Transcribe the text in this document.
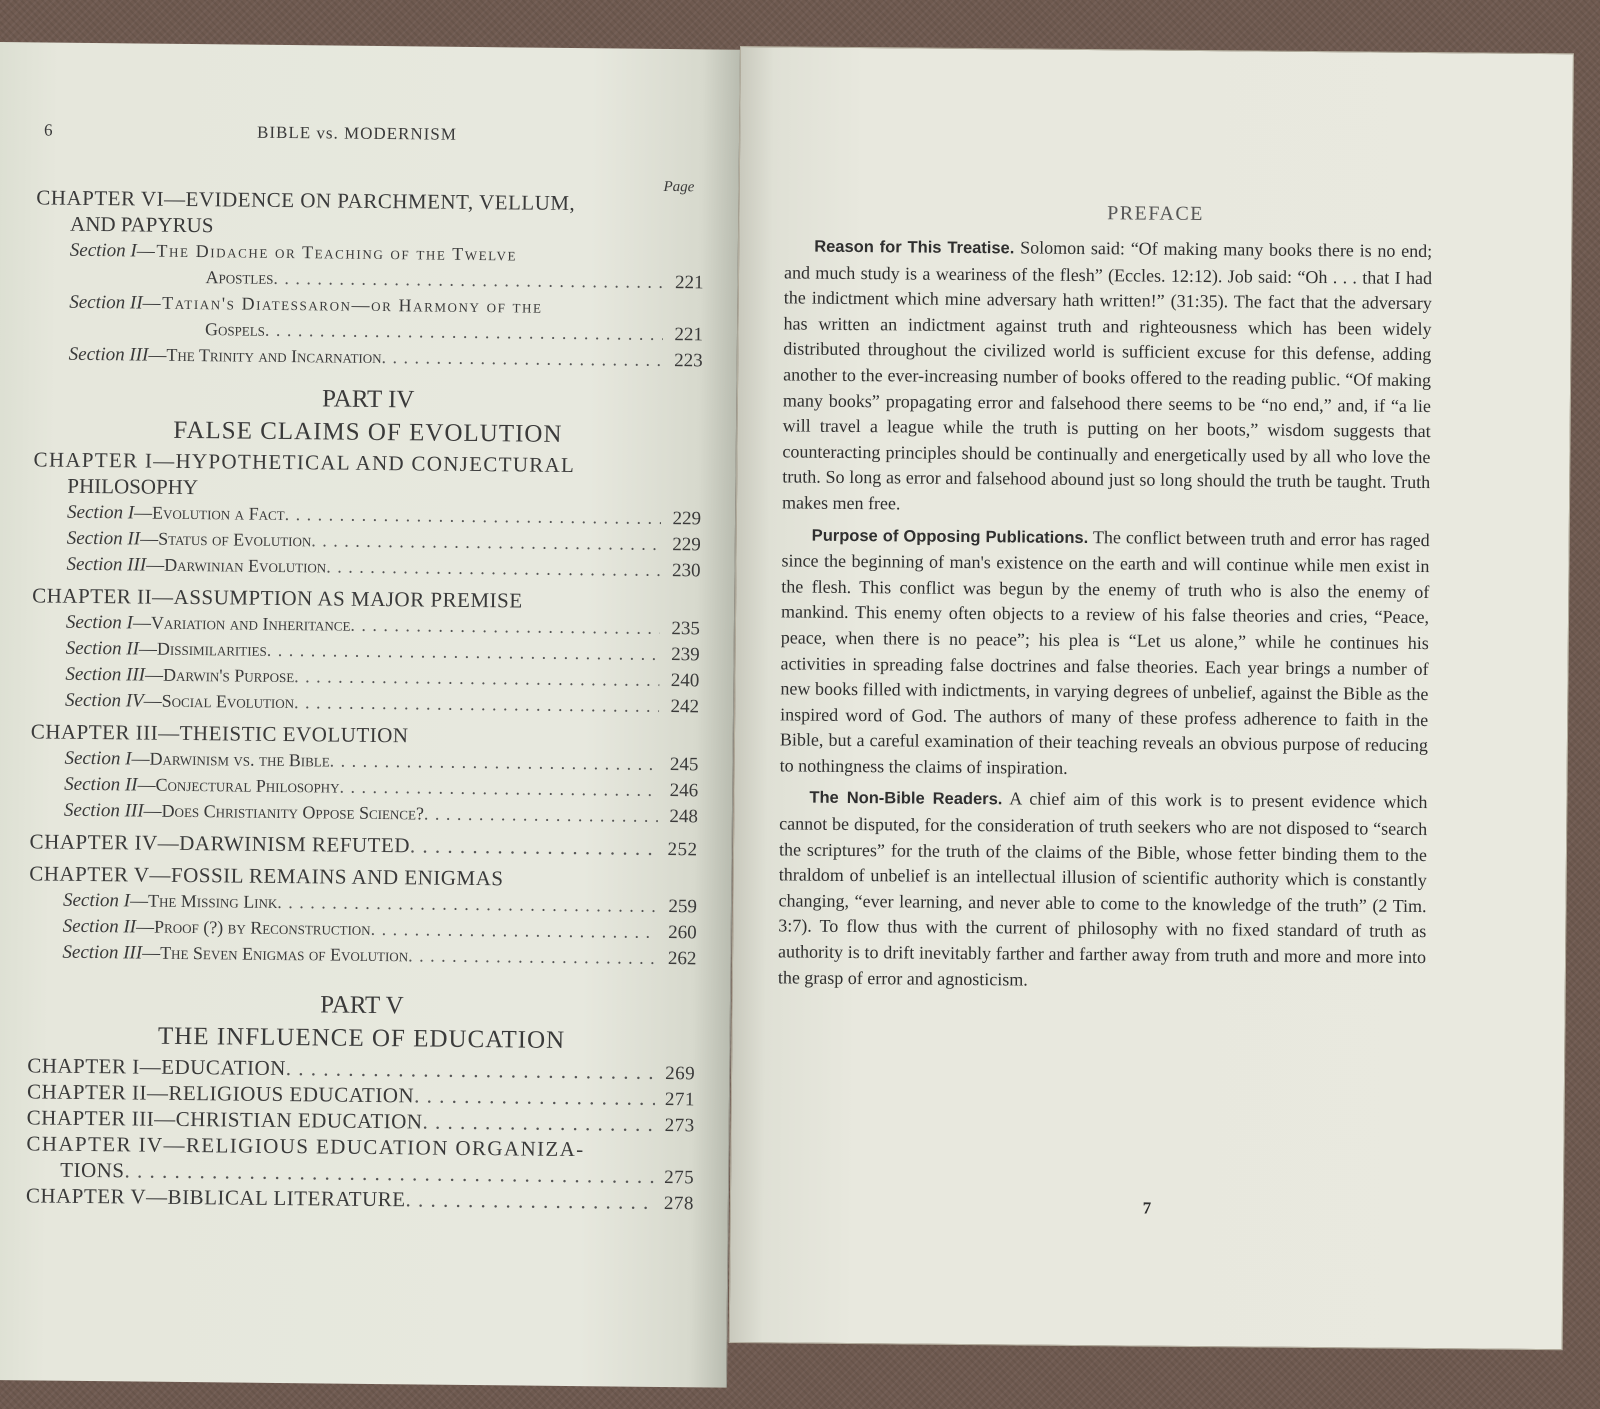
6	BIBLE vs. MODERNISM
Page
CHAPTER VI—EVIDENCE ON PARCHMENT, VELLUM,
AND PAPYRUS
Section I—The Didache or Teaching of the Twelve
Apostles . . .	221
Section II—Tatian's Diatessaron—or Harmony of the
Gospels . . .	221
Section III—The Trinity and Incarnation . . .	223
PART IV
FALSE CLAIMS OF EVOLUTION
CHAPTER I—HYPOTHETICAL AND CONJECTURAL
PHILOSOPHY
Section I—Evolution a Fact . . .	229
Section II—Status of Evolution . . .	229
Section III—Darwinian Evolution . . .	230
CHAPTER II—ASSUMPTION AS MAJOR PREMISE
Section I—Variation and Inheritance . . .	235
Section II—Dissimilarities . . .	239
Section III—Darwin's Purpose . . .	240
Section IV—Social Evolution . . .	242
CHAPTER III—THEISTIC EVOLUTION
Section I—Darwinism vs. the Bible . . .	245
Section II—Conjectural Philosophy . . .	246
Section III—Does Christianity Oppose Science? . . .	248
CHAPTER IV—DARWINISM REFUTED . . .	252
CHAPTER V—FOSSIL REMAINS AND ENIGMAS
Section I—The Missing Link . . .	259
Section II—Proof (?) by Reconstruction . . .	260
Section III—The Seven Enigmas of Evolution . . .	262
PART V
THE INFLUENCE OF EDUCATION
CHAPTER I—EDUCATION . . .	269
CHAPTER II—RELIGIOUS EDUCATION . . .	271
CHAPTER III—CHRISTIAN EDUCATION . . .	273
CHAPTER IV—RELIGIOUS EDUCATION ORGANIZA-
TIONS . . .	275
CHAPTER V—BIBLICAL LITERATURE . . .	278
PREFACE

Reason for This Treatise. Solomon said: “Of making many books there is no end; and much study is a weariness of the flesh” (Eccles. 12:12). Job said: “Oh . . . that I had the indictment which mine adversary hath written!” (31:35). The fact that the adversary has written an indictment against truth and righteousness which has been widely distributed throughout the civilized world is sufficient excuse for this defense, adding another to the ever-increasing number of books offered to the reading public. “Of making many books” propagating error and falsehood there seems to be “no end,” and, if “a lie will travel a league while the truth is putting on her boots,” wisdom suggests that counteracting principles should be continually and energetically used by all who love the truth. So long as error and falsehood abound just so long should the truth be taught. Truth makes men free.

Purpose of Opposing Publications. The conflict between truth and error has raged since the beginning of man's existence on the earth and will continue while men exist in the flesh. This conflict was begun by the enemy of truth who is also the enemy of mankind. This enemy often objects to a review of his false theories and cries, “Peace, peace, when there is no peace”; his plea is “Let us alone,” while he continues his activities in spreading false doctrines and false theories. Each year brings a number of new books filled with indictments, in varying degrees of unbelief, against the Bible as the inspired word of God. The authors of many of these profess adherence to faith in the Bible, but a careful examination of their teaching reveals an obvious purpose of reducing to nothingness the claims of inspiration.

The Non-Bible Readers. A chief aim of this work is to present evidence which cannot be disputed, for the consideration of truth seekers who are not disposed to “search the scriptures” for the truth of the claims of the Bible, whose fetter binding them to the thraldom of unbelief is an intellectual illusion of scientific authority which is constantly changing, “ever learning, and never able to come to the knowledge of the truth” (2 Tim. 3:7). To flow thus with the current of philosophy with no fixed standard of truth as authority is to drift inevitably farther and farther away from truth and more and more into the grasp of error and agnosticism.

7
